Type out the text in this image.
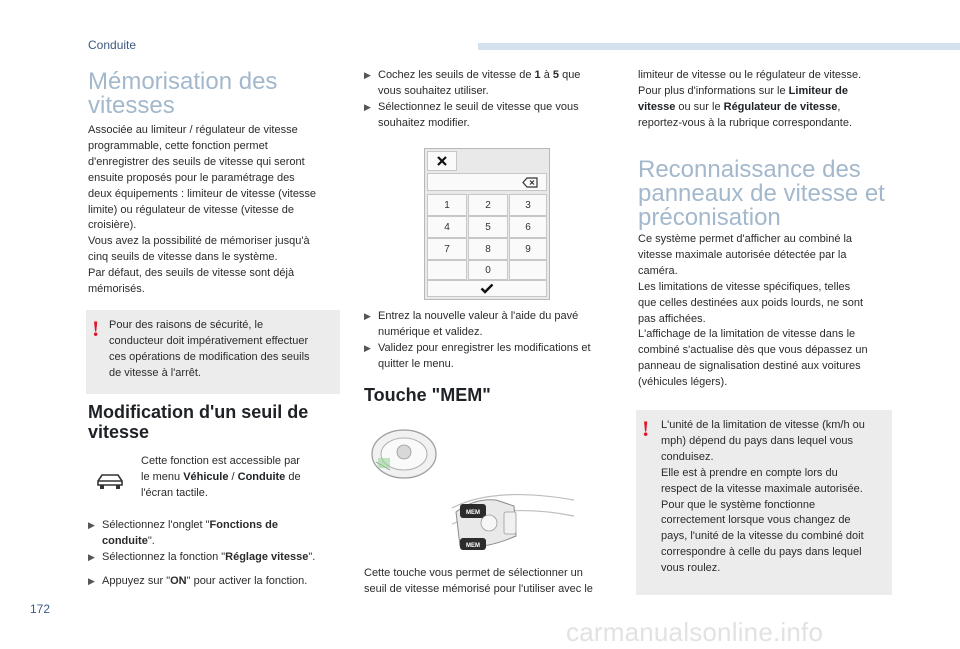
Conduite
172
carmanualsonline.info
Mémorisation des
vitesses
Associée au limiteur / régulateur de vitesse
programmable, cette fonction permet
d'enregistrer des seuils de vitesse qui seront
ensuite proposés pour le paramétrage des
deux équipements : limiteur de vitesse (vitesse
limite) ou régulateur de vitesse (vitesse de
croisière).
Vous avez la possibilité de mémoriser jusqu'à
cinq seuils de vitesse dans le système.
Par défaut, des seuils de vitesse sont déjà
mémorisés.
! Pour des raisons de sécurité, le
conducteur doit impérativement effectuer
ces opérations de modification des seuils
de vitesse à l'arrêt.
Modification d'un seuil de
vitesse
Cette fonction est accessible par
le menu Véhicule / Conduite de
l'écran tactile.
▶ Sélectionnez l'onglet "Fonctions de
conduite".
▶ Sélectionnez la fonction "Réglage vitesse".
▶ Appuyez sur "ON" pour activer la fonction.
▶ Cochez les seuils de vitesse de 1 à 5 que
vous souhaitez utiliser.
▶ Sélectionnez le seuil de vitesse que vous
souhaitez modifier.
1	2	3
4	5	6
7	8	9
0
▶ Entrez la nouvelle valeur à l'aide du pavé
numérique et validez.
▶ Validez pour enregistrer les modifications et
quitter le menu.
Touche "MEM"
MEM
MEM
Cette touche vous permet de sélectionner un
seuil de vitesse mémorisé pour l'utiliser avec le
limiteur de vitesse ou le régulateur de vitesse.
Pour plus d'informations sur le Limiteur de
vitesse ou sur le Régulateur de vitesse,
reportez-vous à la rubrique correspondante.
Reconnaissance des
panneaux de vitesse et
préconisation
Ce système permet d'afficher au combiné la
vitesse maximale autorisée détectée par la
caméra.
Les limitations de vitesse spécifiques, telles
que celles destinées aux poids lourds, ne sont
pas affichées.
L'affichage de la limitation de vitesse dans le
combiné s'actualise dès que vous dépassez un
panneau de signalisation destiné aux voitures
(véhicules légers).
! L'unité de la limitation de vitesse (km/h ou
mph) dépend du pays dans lequel vous
conduisez.
Elle est à prendre en compte lors du
respect de la vitesse maximale autorisée.
Pour que le système fonctionne
correctement lorsque vous changez de
pays, l'unité de la vitesse du combiné doit
correspondre à celle du pays dans lequel
vous roulez.
